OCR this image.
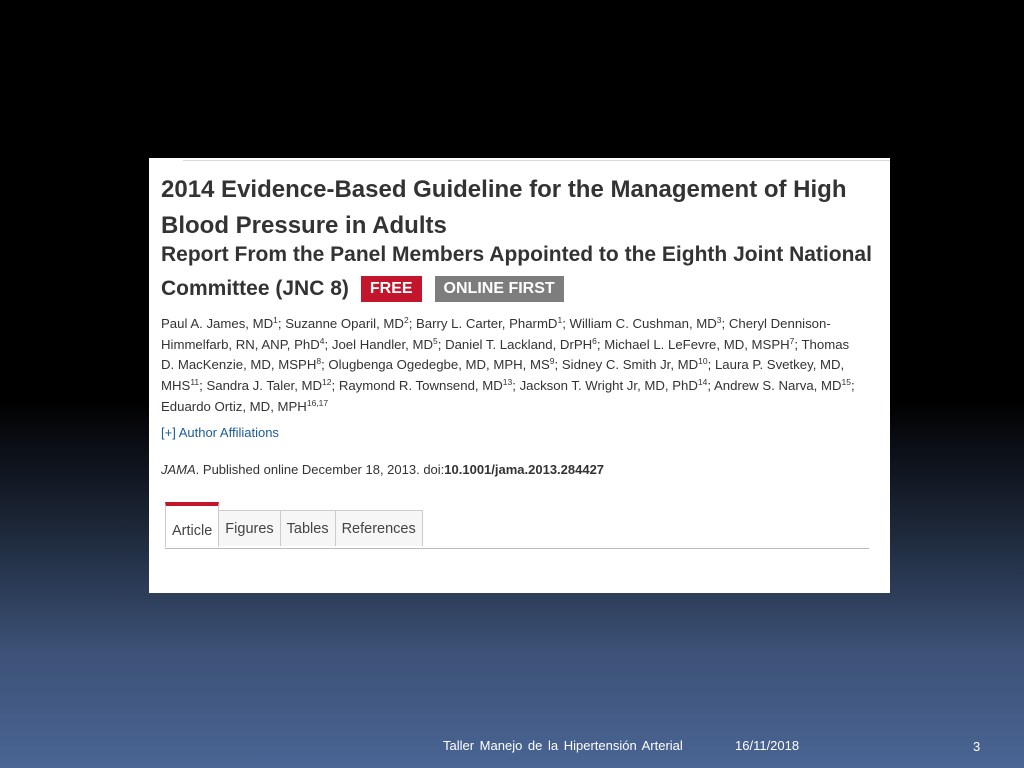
2014 Evidence-Based Guideline for the Management of High Blood Pressure in Adults
Report From the Panel Members Appointed to the Eighth Joint National Committee (JNC 8) FREE ONLINE FIRST
Paul A. James, $MD^1$; Suzanne Oparil, $MD^2$; Barry L. Carter, PharmD$^1$; William C. Cushman, $MD^3$; Cheryl Dennison-Himmelfarb, RN, ANP, PhD$^4$; Joel Handler, $MD^5$; Daniel T. Lackland, DrPH$^6$; Michael L. LeFevre, MD, MSPH$^7$; Thomas D. MacKenzie, MD, MSPH$^8$; Olugbenga Ogedegbe, MD, MPH, $MS^9$; Sidney C. Smith Jr, MD$^{10}$; Laura P. Svetkey, MD, MHS$^{11}$; Sandra J. Taler, MD$^{12}$; Raymond R. Townsend, MD$^{13}$; Jackson T. Wright Jr, MD, PhD$^{14}$; Andrew S. Narva, MD$^{15}$; Eduardo Ortiz, MD, MPH$^{16,17}$
[+] Author Affiliations
JAMA. Published online December 18, 2013. doi:10.1001/jama.2013.284427
Article Figures Tables References
Taller Manejo de la Hipertensión Arterial	16/11/2018	3
